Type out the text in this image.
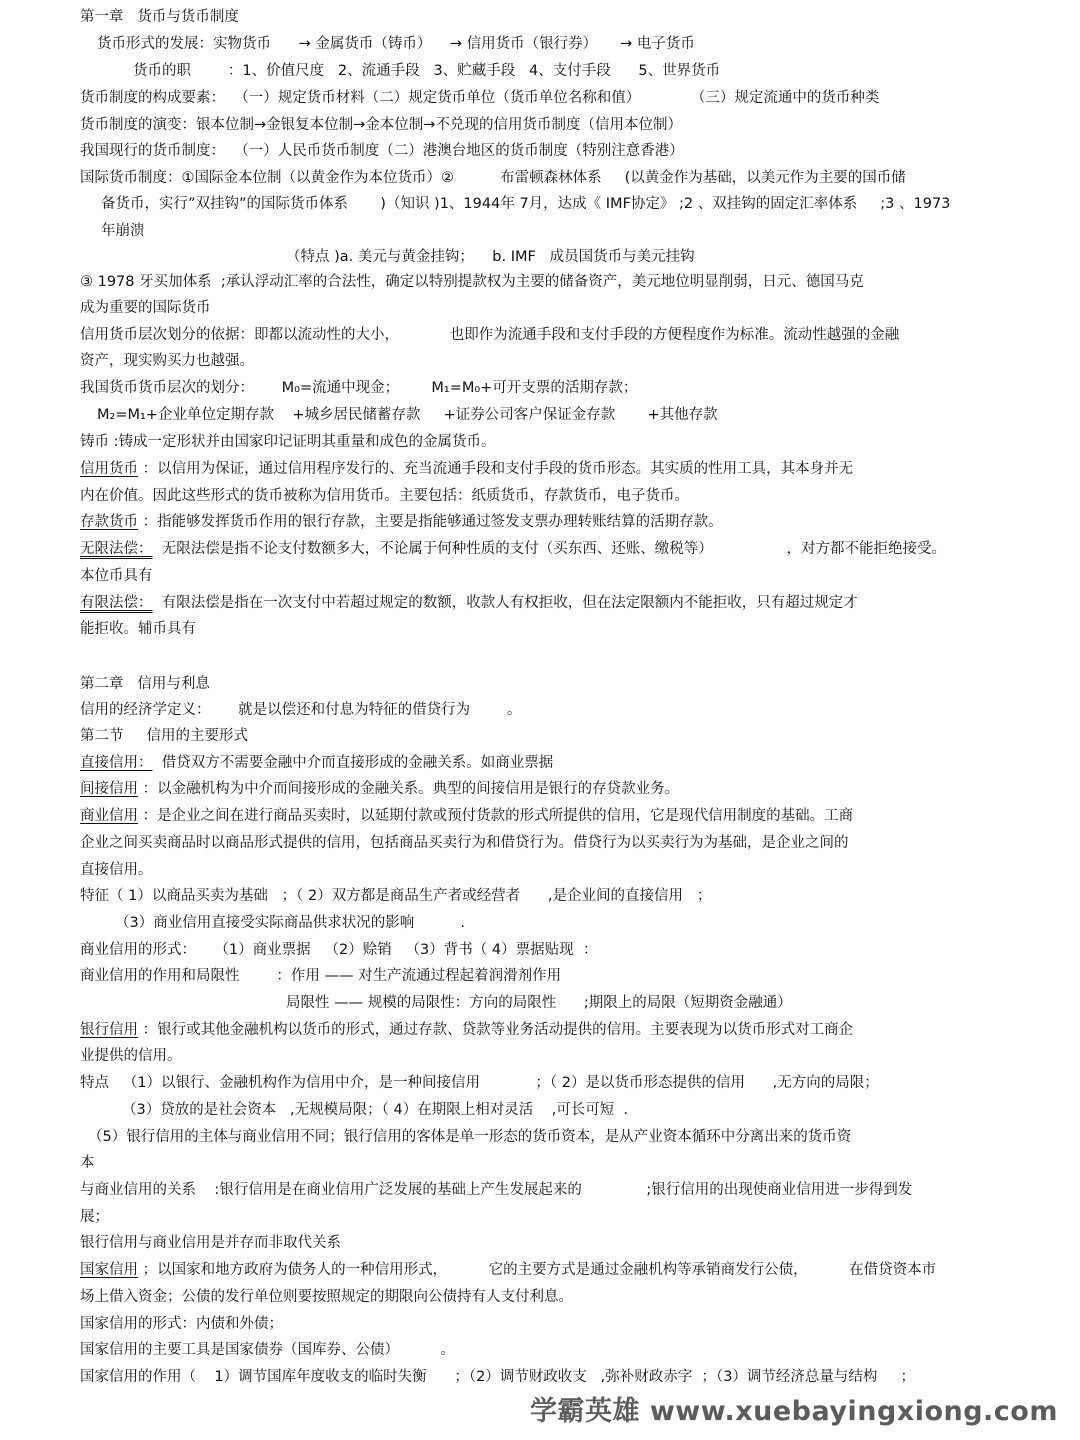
第一章   货币与货币制度
货币形式的发展：实物货币      → 金属货币（铸币）    → 信用货币（银行券）     → 电子货币
货币的职        ：1、价值尺度   2、流通手段   3、贮藏手段   4、支付手段      5、世界货币
货币制度的构成要素：  （一）规定货币材料（二）规定货币单位（货币单位名称和值）           （三）规定流通中的货币种类
货币制度的演变：银本位制→金银复本位制→金本位制→不兑现的信用货币制度（信用本位制）
我国现行的货币制度：  （一）人民币货币制度（二）港澳台地区的货币制度（特别注意香港）
国际货币制度：①国际金本位制（以黄金作为本位货币）②          布雷顿森林体系     (以黄金作为基础，以美元作为主要的国币储
备货币，实行”双挂钩”的国际货币体系       )（知识 )1、1944年 7月，达成《 IMF协定》 ;2 、双挂钩的固定汇率体系     ;3 、1973
年崩溃
（特点 )a. 美元与黄金挂钩；    b. IMF   成员国货币与美元挂钩
③ 1978 牙买加体系  ;承认浮动汇率的合法性，确定以特别提款权为主要的储备资产，美元地位明显削弱，日元、德国马克
成为重要的国际货币
信用货币层次划分的依据：即都以流动性的大小，           也即作为流通手段和支付手段的方便程度作为标准。流动性越强的金融
资产，现实购买力也越强。
我国货币货币层次的划分：      M₀=流通中现金；       M₁=M₀+可开支票的活期存款；
M₂=M₁+企业单位定期存款    +城乡居民储蓄存款     +证券公司客户保证金存款       +其他存款
铸币 :铸成一定形状并由国家印记证明其重量和成色的金属货币。
信用货币 ：以信用为保证，通过信用程序发行的、充当流通手段和支付手段的货币形态。其实质的性用工具，其本身并无
内在价值。因此这些形式的货币被称为信用货币。主要包括：纸质货币，存款货币，电子货币。
存款货币 ：指能够发挥货币作用的银行存款，主要是指能够通过签发支票办理转账结算的活期存款。
无限法偿：  无限法偿是指不论支付数额多大，不论属于何种性质的支付（买东西、还账、缴税等）                ，对方都不能拒绝接受。
本位币具有
有限法偿：  有限法偿是指在一次支付中若超过规定的数额，收款人有权拒收，但在法定限额内不能拒收，只有超过规定才
能拒收。辅币具有
第二章   信用与利息
信用的经济学定义：      就是以偿还和付息为特征的借贷行为        。
第二节     信用的主要形式
直接信用：  借贷双方不需要金融中介而直接形成的金融关系。如商业票据
间接信用 ：以金融机构为中介而间接形成的金融关系。典型的间接信用是银行的存贷款业务。
商业信用 ：是企业之间在进行商品买卖时，以延期付款或预付货款的形式所提供的信用，它是现代信用制度的基础。工商
企业之间买卖商品时以商品形式提供的信用，包括商品买卖行为和借贷行为。借贷行为以买卖行为为基础，是企业之间的
直接信用。
特征（ 1）以商品买卖为基础   ；（ 2）双方都是商品生产者或经营者      ,是企业间的直接信用   ；
（3）商业信用直接受实际商品供求状况的影响          .
商业信用的形式：    （1）商业票据   （2）赊销   （3）背书（ 4）票据贴现  ：
商业信用的作用和局限性        ：作用 —— 对生产流通过程起着润滑剂作用
局限性 —— 规模的局限性：方向的局限性      ;期限上的局限（短期资金融通）
银行信用 ：银行或其他金融机构以货币的形式，通过存款、贷款等业务活动提供的信用。主要表现为以货币形式对工商企
业提供的信用。
特点   （1）以银行、金融机构作为信用中介，是一种间接信用            ；（ 2）是以货币形态提供的信用      ,无方向的局限；
（3）贷放的是社会资本   ,无规模局限；（ 4）在期限上相对灵活    ,可长可短  .
（5）银行信用的主体与商业信用不同；银行信用的客体是单一形态的货币资本，是从产业资本循环中分离出来的货币资
本
与商业信用的关系    :银行信用是在商业信用广泛发展的基础上产生发展起来的              ;银行信用的出现使商业信用进一步得到发
展；
银行信用与商业信用是并存而非取代关系
国家信用 ；以国家和地方政府为债务人的一种信用形式，         它的主要方式是通过金融机构等承销商发行公债，         在借贷资本市
场上借入资金；公债的发行单位则要按照规定的期限向公债持有人支付利息。
国家信用的形式：内债和外债；
国家信用的主要工具是国家债券（国库券、公债）         。
国家信用的作用（    1）调节国库年度收支的临时失衡      ；（2）调节财政收支   ,弥补财政赤字  ；（3）调节经济总量与结构     ；
学霸英雄 www.xuebayingxiong.com
